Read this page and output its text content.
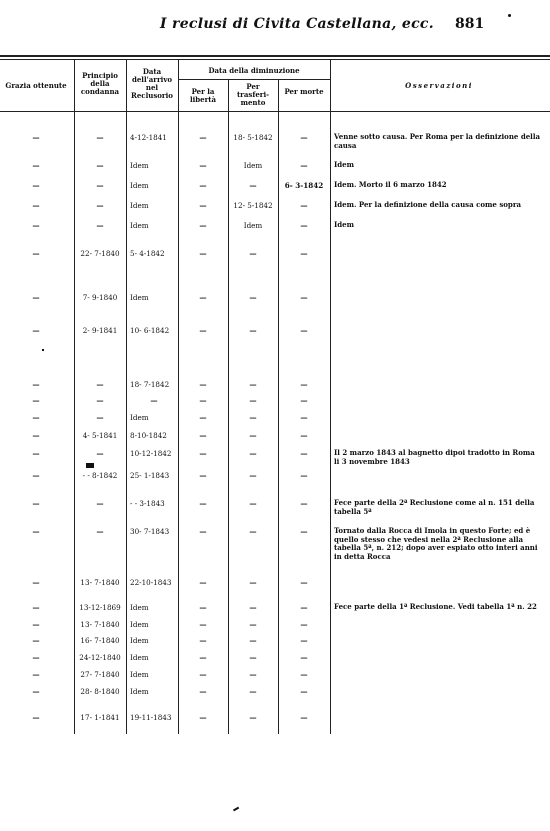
I reclusi di Civita Castellana, ecc. 881
Grazia ottenute
Principio della condanna
Data dell'arrivo nel Reclusorio
Data della diminuzione
Per la libertà
Per trasferi- mento
Per morte
Osservazioni
—	—	4-12-1841	—	18- 5-1842	—	Venne sotto causa. Per Roma per la definizione della causa
—	—	Idem	—	Idem	—	Idem
—	—	Idem	—	—	6- 3-1842	Idem. Morto il 6 marzo 1842
—	—	Idem	—	12- 5-1842	—	Idem. Per la definizione della causa come sopra
—	—	Idem	—	Idem	—	Idem
—	22- 7-1840	5- 4-1842	—	—	—
—	7- 9-1840	Idem	—	—	—
—	2- 9-1841	10- 6-1842	—	—	—
—	—	18- 7-1842	—	—	—
—	—	—	—	—	—
—	—	Idem	—	—	—
—	4- 5-1841	8-10-1842	—	—	—
—	—	10-12-1842	—	—	—	Il 2 marzo 1843 al bagnetto dipoi tradotto in Roma li 3 novembre 1843
—	- - 8-1842	25- 1-1843	—	—	—
—	—	- - 3-1843	—	—	—	Fece parte della 2ª Reclusione come al n. 151 della tabella 5ª
—	—	30- 7-1843	—	—	—	Tornato dalla Rocca di Imola in questo Forte; ed è quello stesso che vedesi nella 2ª Reclusione alla tabella 5ª, n. 212; dopo aver espiato otto interi anni in detta Rocca
—	13- 7-1840	22-10-1843	—	—	—
—	13-12-1869	Idem	—	—	—	Fece parte della 1ª Reclusione. Vedi tabella 1ª n. 22
—	13- 7-1840	Idem	—	—	—
—	16- 7-1840	Idem	—	—	—
—	24-12-1840	Idem	—	—	—
—	27- 7-1840	Idem	—	—	—
—	28- 8-1840	Idem	—	—	—
—	17- 1-1841	19-11-1843	—	—	—
